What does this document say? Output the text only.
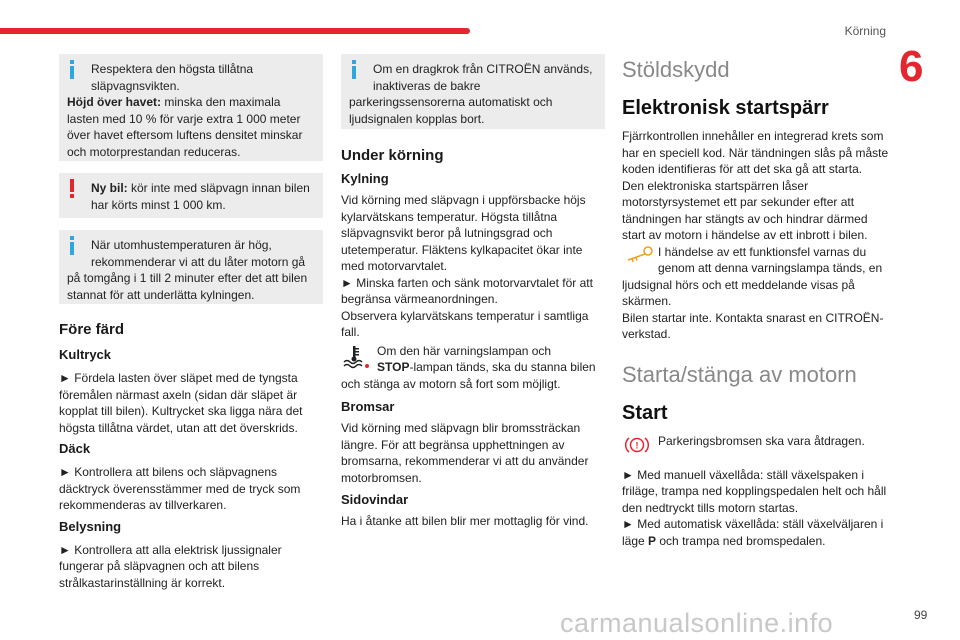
Körning
6
Respektera den högsta tillåtna
släpvagnsvikten.
Höjd över havet: minska den maximala lasten med 10 % för varje extra 1 000 meter över havet eftersom luftens densitet minskar och motorprestandan reduceras.
Ny bil: kör inte med släpvagn innan bilen har körts minst 1 000 km.
När utomhustemperaturen är hög,
rekommenderar vi att du låter motorn gå
på tomgång i 1 till 2 minuter efter det att bilen stannat för att underlätta kylningen.
Före färd
Kultryck
► Fördela lasten över släpet med de tyngsta föremålen närmast axeln (sidan där släpet är kopplat till bilen). Kultrycket ska ligga nära det högsta tillåtna värdet, utan att det överskrids.
Däck
► Kontrollera att bilens och släpvagnens däcktryck överensstämmer med de tryck som rekommenderas av tillverkaren.
Belysning
► Kontrollera att alla elektrisk ljussignaler fungerar på släpvagnen och att bilens strålkastarinställning är korrekt.
Om en dragkrok från CITROËN används,
inaktiveras de bakre
parkeringssensorerna automatiskt och ljudsignalen kopplas bort.
Under körning
Kylning
Vid körning med släpvagn i uppförsbacke höjs kylarvätskans temperatur. Högsta tillåtna släpvagnsvikt beror på lutningsgrad och utetemperatur. Fläktens kylkapacitet ökar inte med motorvarvtalet.
► Minska farten och sänk motorvarvtalet för att begränsa värmeanordningen.
Observera kylarvätskans temperatur i samtliga fall.
Om den här varningslampan och
STOP-lampan tänds, ska du stanna bilen
och stänga av motorn så fort som möjligt.
Bromsar
Vid körning med släpvagn blir bromssträckan längre. För att begränsa upphettningen av bromsarna, rekommenderar vi att du använder motorbromsen.
Sidovindar
Ha i åtanke att bilen blir mer mottaglig för vind.
Stöldskydd
Elektronisk startspärr
Fjärrkontrollen innehåller en integrerad krets som har en speciell kod. När tändningen slås på måste koden identifieras för att det ska gå att starta.
Den elektroniska startspärren låser motorstyrsystemet ett par sekunder efter att tändningen har stängts av och hindrar därmed start av motorn i händelse av ett inbrott i bilen.
I händelse av ett funktionsfel varnas du
genom att denna varningslampa tänds, en
ljudsignal hörs och ett meddelande visas på skärmen.
Bilen startar inte. Kontakta snarast en CITROËN-verkstad.
Starta/stänga av motorn
Start
! Parkeringsbromsen ska vara åtdragen.
► Med manuell växellåda: ställ växelspaken i friläge, trampa ned kopplingspedalen helt och håll den nedtryckt tills motorn startas.
► Med automatisk växellåda: ställ växelväljaren i läge P och trampa ned bromspedalen.
carmanualsonline.info	99
